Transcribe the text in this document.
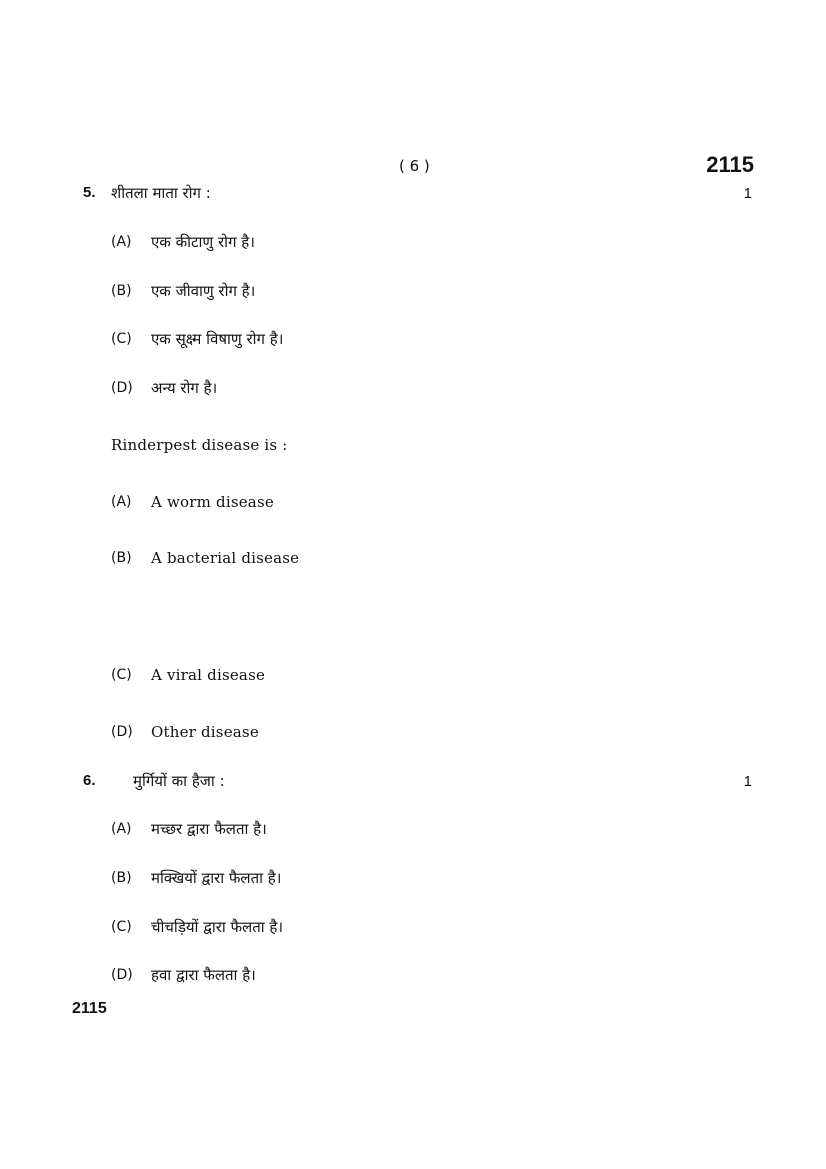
( 6 )	2115
5. शीतला माता रोग :	1
(A) एक कीटाणु रोग है।
(B) एक जीवाणु रोग है।
(C) एक सूक्ष्म विषाणु रोग है।
(D) अन्य रोग है।
Rinderpest disease is :
(A) A worm disease
(B) A bacterial disease
(C) A viral disease
(D) Other disease
6. मुर्गियों का हैजा :	1
(A) मच्छर द्वारा फैलता है।
(B) मक्खियों द्वारा फैलता है।
(C) चीचड़ियों द्वारा फैलता है।
(D) हवा द्वारा फैलता है।
2115
